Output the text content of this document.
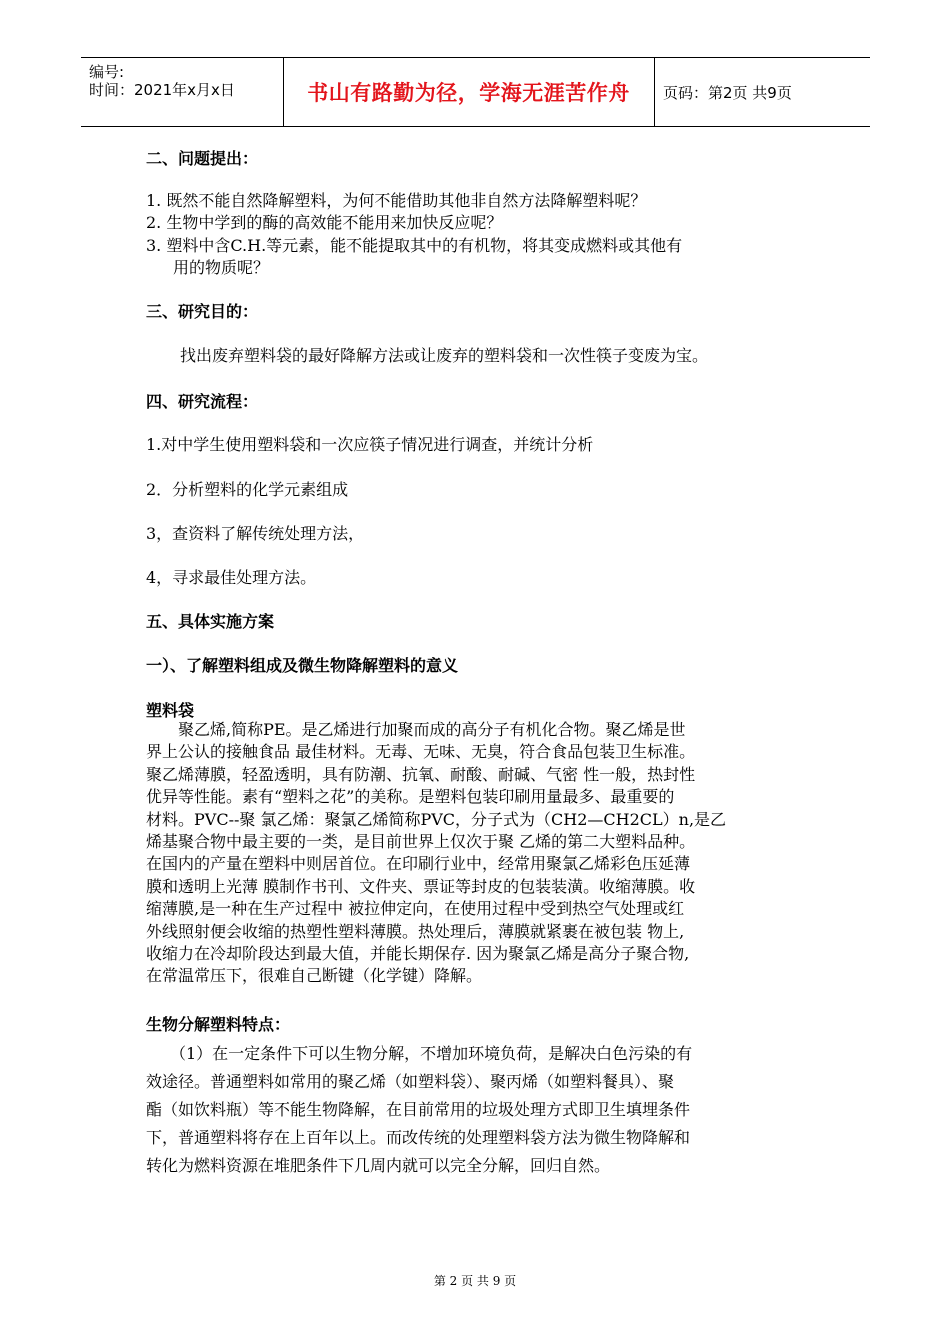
编号:
时间：2021年x月x日	书山有路勤为径，学海无涯苦作舟 页码：第2页 共9页
二、问题提出：
1. 既然不能自然降解塑料，为何不能借助其他非自然方法降解塑料呢？
2. 生物中学到的酶的高效能不能用来加快反应呢？
3. 塑料中含C.H.等元素，能不能提取其中的有机物，将其变成燃料或其他有
用的物质呢？
三、研究目的：
找出废弃塑料袋的最好降解方法或让废弃的塑料袋和一次性筷子变废为宝。
四、研究流程：
1.对中学生使用塑料袋和一次应筷子情况进行调查，并统计分析
2．分析塑料的化学元素组成
3，查资料了解传统处理方法，
4，寻求最佳处理方法。
五、具体实施方案
一）、了解塑料组成及微生物降解塑料的意义
塑料袋

　　聚乙烯,简称PE。是乙烯进行加聚而成的高分子有机化合物。聚乙烯是世

界上公认的接触食品 最佳材料。无毒、无味、无臭，符合食品包装卫生标准。

聚乙烯薄膜，轻盈透明，具有防潮、抗氧、耐酸、耐碱、气密 性一般，热封性

优异等性能。素有“塑料之花”的美称。是塑料包装印刷用量最多、最重要的

材料。PVC--聚 氯乙烯：聚氯乙烯简称PVC，分子式为（CH2—CH2CL）n,是乙

烯基聚合物中最主要的一类，是目前世界上仅次于聚 乙烯的第二大塑料品种。

在国内的产量在塑料中则居首位。在印刷行业中，经常用聚氯乙烯彩色压延薄

膜和透明上光薄 膜制作书刊、文件夹、票证等封皮的包装装潢。收缩薄膜。收

缩薄膜,是一种在生产过程中 被拉伸定向，在使用过程中受到热空气处理或红

外线照射便会收缩的热塑性塑料薄膜。热处理后，薄膜就紧裹在被包装 物上,

收缩力在冷却阶段达到最大值，并能长期保存. 因为聚氯乙烯是高分子聚合物,

在常温常压下，很难自己断键（化学键）降解。

生物分解塑料特点：

　　（1）在一定条件下可以生物分解，不增加环境负荷，是解决白色污染的有

效途径。普通塑料如常用的聚乙烯（如塑料袋）、聚丙烯（如塑料餐具）、聚

酯（如饮料瓶）等不能生物降解，在目前常用的垃圾处理方式即卫生填埋条件

下，普通塑料将存在上百年以上。而改传统的处理塑料袋方法为微生物降解和

转化为燃料资源在堆肥条件下几周内就可以完全分解，回归自然。

第 2 页 共 9 页
